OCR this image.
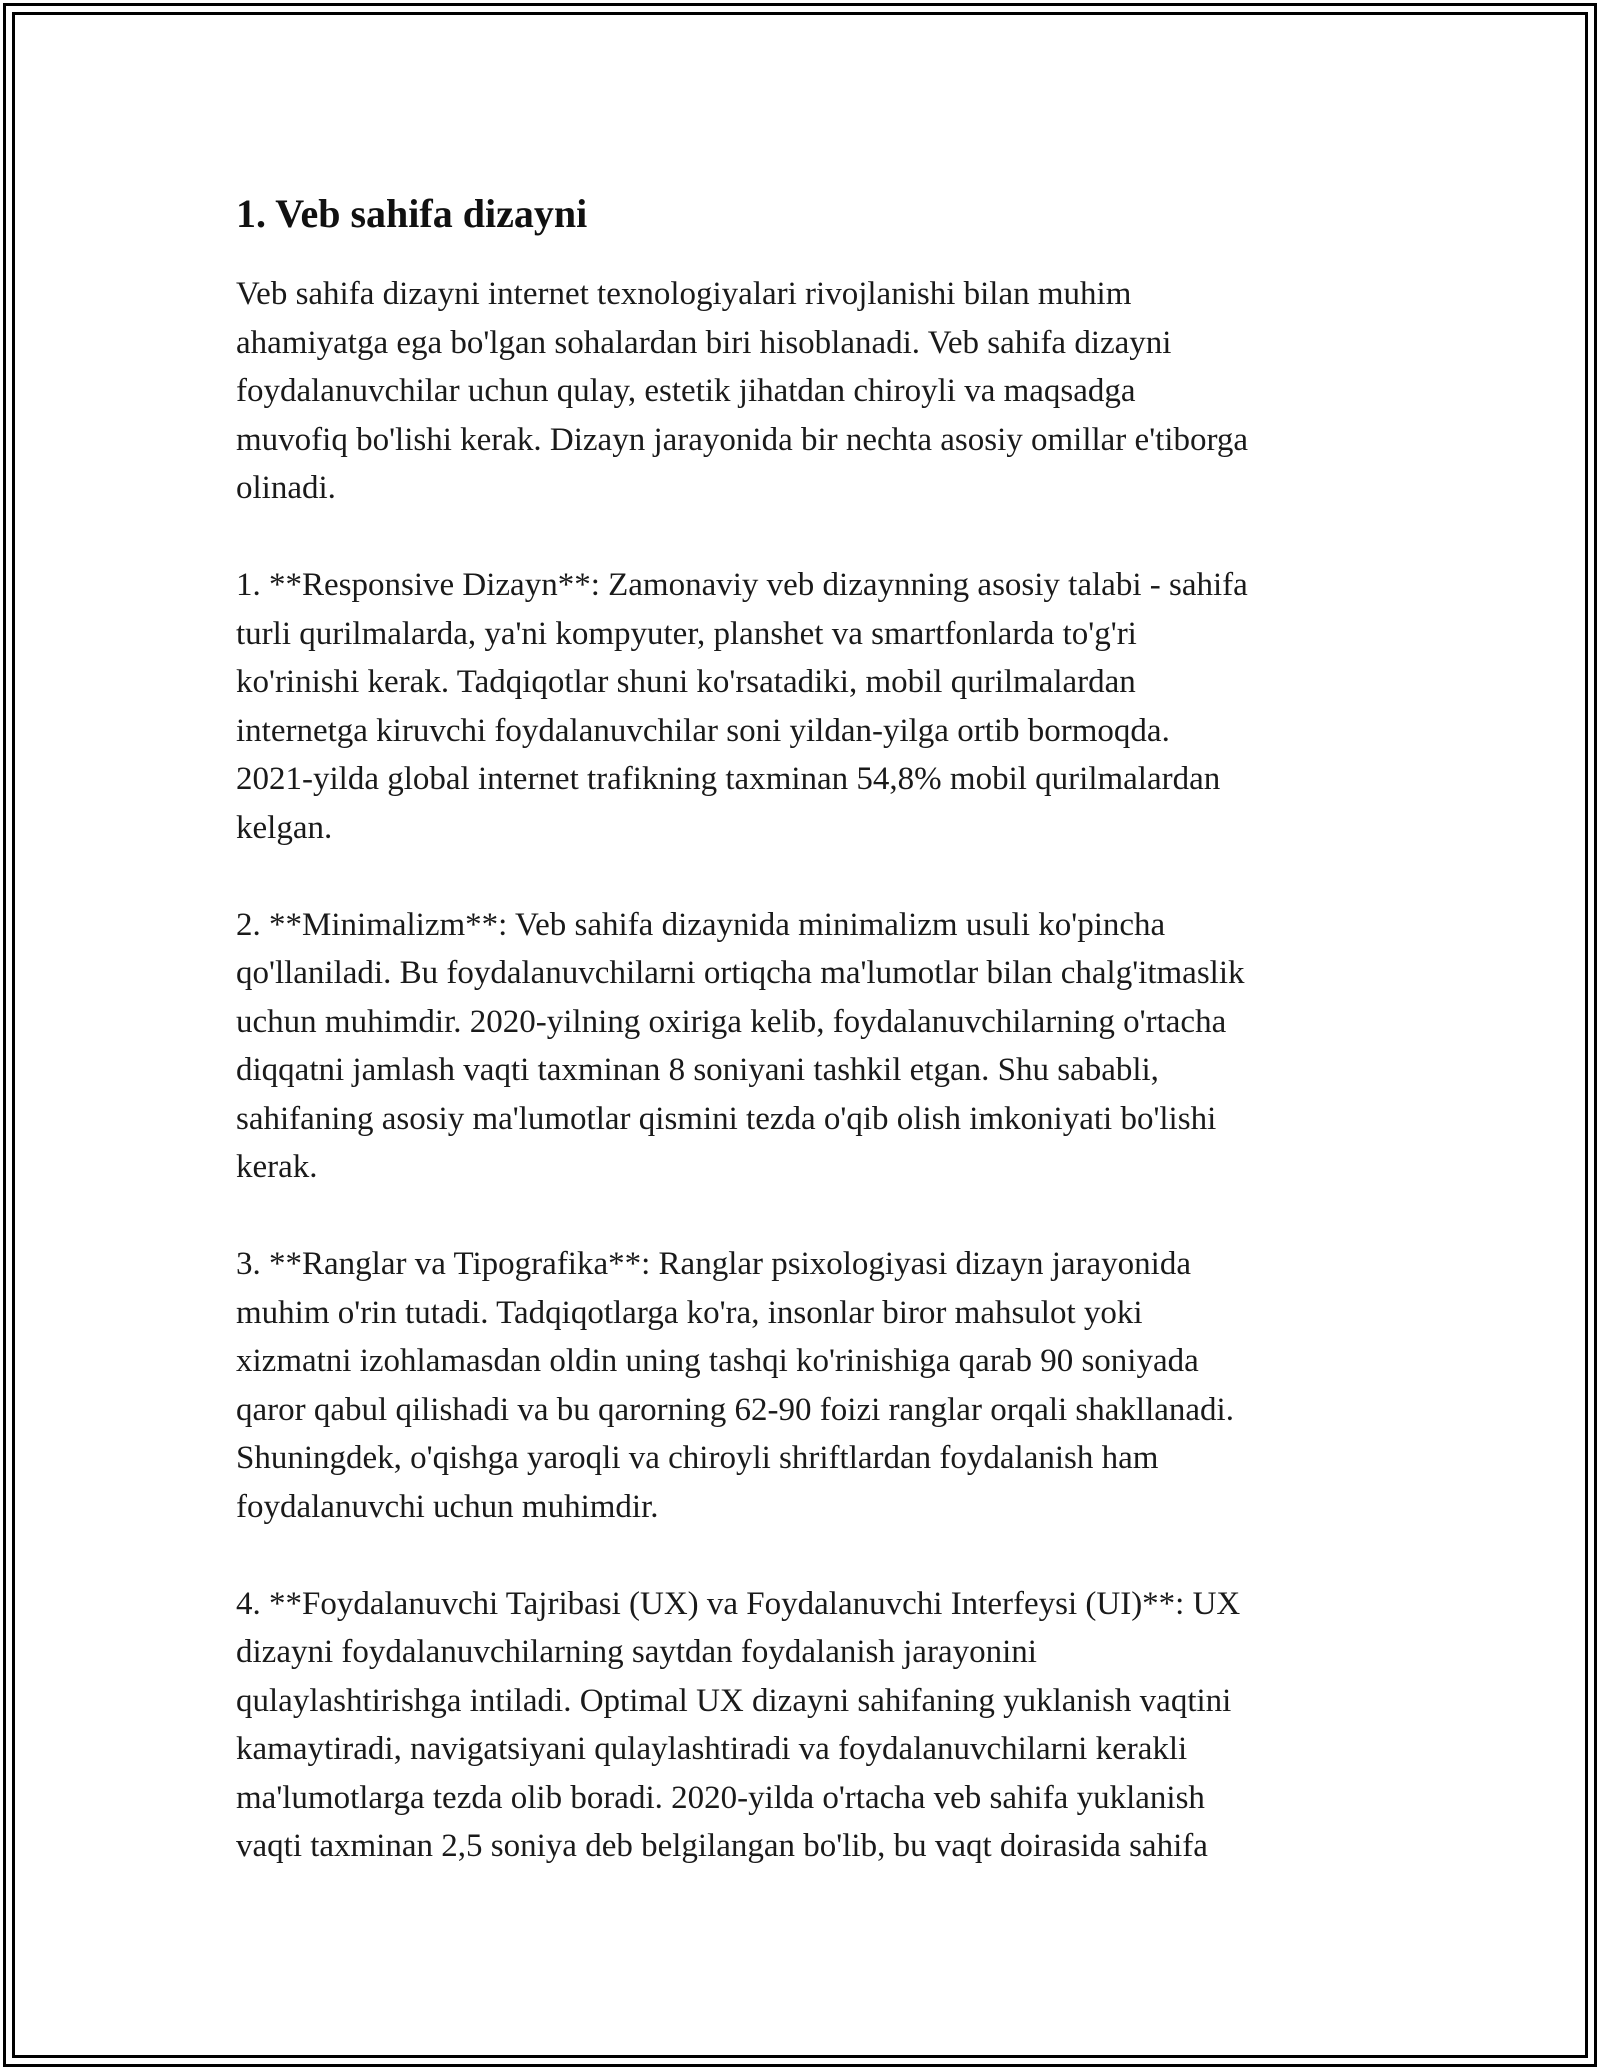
1. Veb sahifa dizayni

Veb sahifa dizayni internet texnologiyalari rivojlanishi bilan muhim
ahamiyatga ega bo'lgan sohalardan biri hisoblanadi. Veb sahifa dizayni
foydalanuvchilar uchun qulay, estetik jihatdan chiroyli va maqsadga
muvofiq bo'lishi kerak. Dizayn jarayonida bir nechta asosiy omillar e'tiborga
olinadi.

1. **Responsive Dizayn**: Zamonaviy veb dizaynning asosiy talabi - sahifa
turli qurilmalarda, ya'ni kompyuter, planshet va smartfonlarda to'g'ri
ko'rinishi kerak. Tadqiqotlar shuni ko'rsatadiki, mobil qurilmalardan
internetga kiruvchi foydalanuvchilar soni yildan-yilga ortib bormoqda.
2021-yilda global internet trafikning taxminan 54,8% mobil qurilmalardan
kelgan.

2. **Minimalizm**: Veb sahifa dizaynida minimalizm usuli ko'pincha
qo'llaniladi. Bu foydalanuvchilarni ortiqcha ma'lumotlar bilan chalg'itmaslik
uchun muhimdir. 2020-yilning oxiriga kelib, foydalanuvchilarning o'rtacha
diqqatni jamlash vaqti taxminan 8 soniyani tashkil etgan. Shu sababli,
sahifaning asosiy ma'lumotlar qismini tezda o'qib olish imkoniyati bo'lishi
kerak.

3. **Ranglar va Tipografika**: Ranglar psixologiyasi dizayn jarayonida
muhim o'rin tutadi. Tadqiqotlarga ko'ra, insonlar biror mahsulot yoki
xizmatni izohlamasdan oldin uning tashqi ko'rinishiga qarab 90 soniyada
qaror qabul qilishadi va bu qarorning 62-90 foizi ranglar orqali shakllanadi.
Shuningdek, o'qishga yaroqli va chiroyli shriftlardan foydalanish ham
foydalanuvchi uchun muhimdir.

4. **Foydalanuvchi Tajribasi (UX) va Foydalanuvchi Interfeysi (UI)**: UX
dizayni foydalanuvchilarning saytdan foydalanish jarayonini
qulaylashtirishga intiladi. Optimal UX dizayni sahifaning yuklanish vaqtini
kamaytiradi, navigatsiyani qulaylashtiradi va foydalanuvchilarni kerakli
ma'lumotlarga tezda olib boradi. 2020-yilda o'rtacha veb sahifa yuklanish
vaqti taxminan 2,5 soniya deb belgilangan bo'lib, bu vaqt doirasida sahifa
